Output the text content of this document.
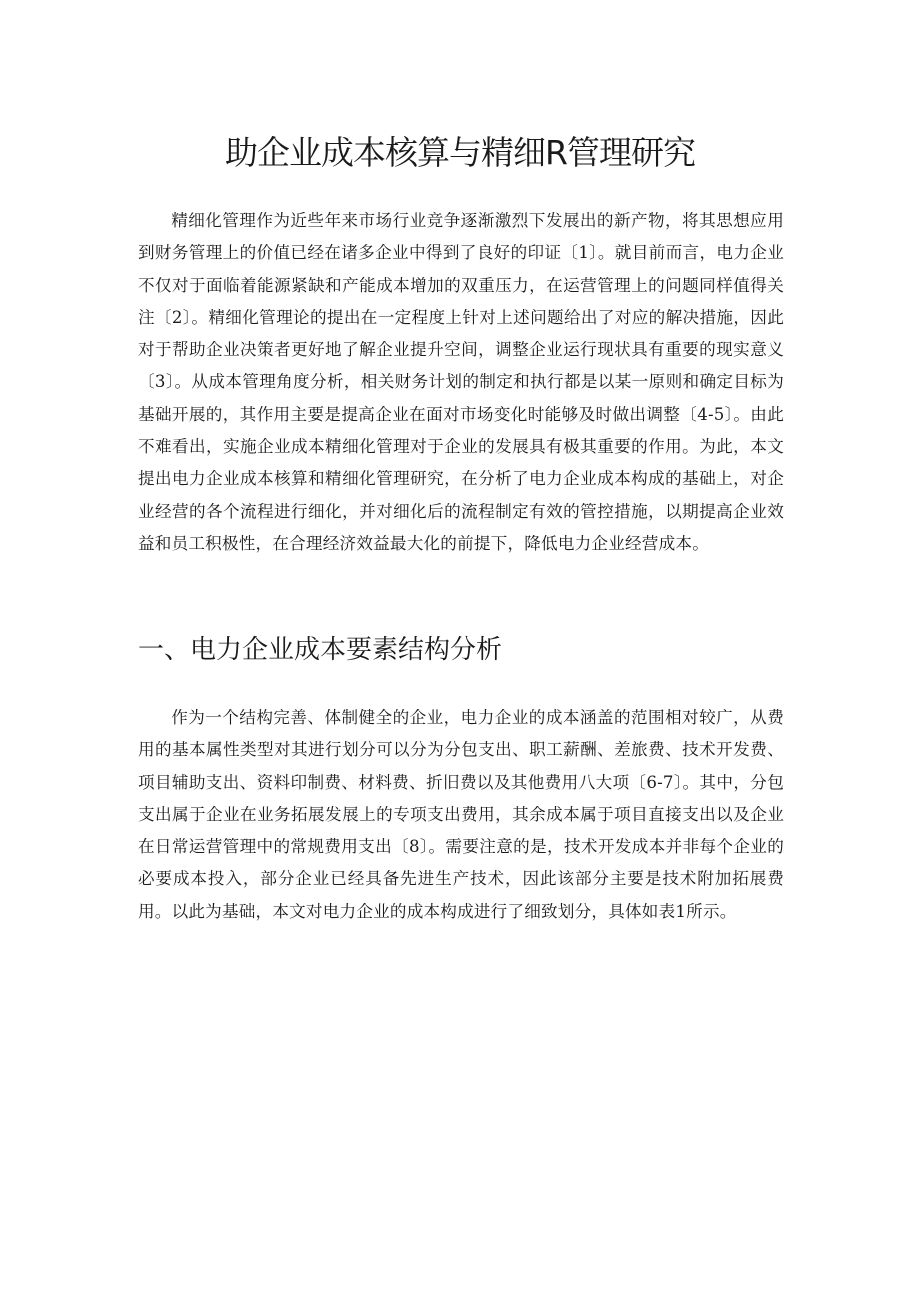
助企业成本核算与精细R管理研究

精细化管理作为近些年来市场行业竞争逐渐激烈下发展出的新产物，将其思想应用到财务管理上的价值已经在诸多企业中得到了良好的印证〔1〕。就目前而言，电力企业不仅对于面临着能源紧缺和产能成本增加的双重压力，在运营管理上的问题同样值得关注〔2〕。精细化管理论的提出在一定程度上针对上述问题给出了对应的解决措施，因此对于帮助企业决策者更好地了解企业提升空间，调整企业运行现状具有重要的现实意义〔3〕。从成本管理角度分析，相关财务计划的制定和执行都是以某一原则和确定目标为基础开展的，其作用主要是提高企业在面对市场变化时能够及时做出调整〔4-5〕。由此不难看出，实施企业成本精细化管理对于企业的发展具有极其重要的作用。为此，本文提出电力企业成本核算和精细化管理研究，在分析了电力企业成本构成的基础上，对企业经营的各个流程进行细化，并对细化后的流程制定有效的管控措施，以期提高企业效益和员工积极性，在合理经济效益最大化的前提下，降低电力企业经营成本。

一、电力企业成本要素结构分析

作为一个结构完善、体制健全的企业，电力企业的成本涵盖的范围相对较广，从费用的基本属性类型对其进行划分可以分为分包支出、职工薪酬、差旅费、技术开发费、项目辅助支出、资料印制费、材料费、折旧费以及其他费用八大项〔6-7〕。其中，分包支出属于企业在业务拓展发展上的专项支出费用，其余成本属于项目直接支出以及企业在日常运营管理中的常规费用支出〔8〕。需要注意的是，技术开发成本并非每个企业的必要成本投入，部分企业已经具备先进生产技术，因此该部分主要是技术附加拓展费用。以此为基础，本文对电力企业的成本构成进行了细致划分，具体如表1所示。
